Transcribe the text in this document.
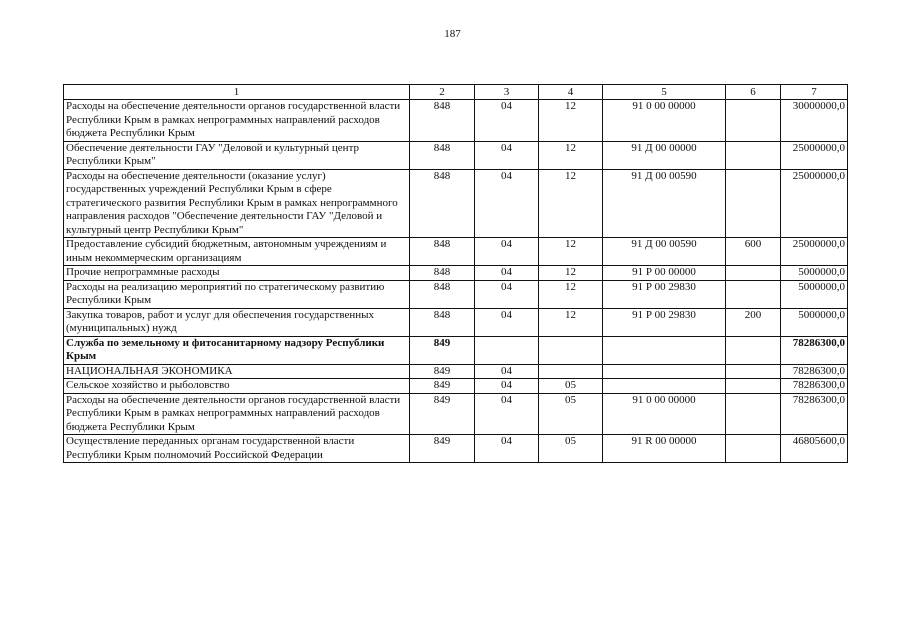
187
1	2	3	4	5	6	7
Расходы на обеспечение деятельности органов государственной власти Республики Крым в рамках непрограммных направлений расходов бюджета Республики Крым	848	04	12	91 0 00 00000		30000000,0
Обеспечение деятельности ГАУ "Деловой и культурный центр Республики Крым"	848	04	12	91 Д 00 00000		25000000,0
Расходы на обеспечение деятельности (оказание услуг) государственных учреждений Республики Крым в сфере стратегического развития Республики Крым в рамках непрограммного направления расходов "Обеспечение деятельности ГАУ "Деловой и культурный центр Республики Крым"	848	04	12	91 Д 00 00590		25000000,0
Предоставление субсидий бюджетным, автономным учреждениям и иным некоммерческим организациям	848	04	12	91 Д 00 00590	600	25000000,0
Прочие непрограммные расходы	848	04	12	91 Р 00 00000		5000000,0
Расходы на реализацию мероприятий по стратегическому развитию Республики Крым	848	04	12	91 Р 00 29830		5000000,0
Закупка товаров, работ и услуг для обеспечения государственных (муниципальных) нужд	848	04	12	91 Р 00 29830	200	5000000,0
Служба по земельному и фитосанитарному надзору Республики Крым	849					78286300,0
НАЦИОНАЛЬНАЯ ЭКОНОМИКА	849	04				78286300,0
Сельское хозяйство и рыболовство	849	04	05			78286300,0
Расходы на обеспечение деятельности органов государственной власти Республики Крым в рамках непрограммных направлений расходов бюджета Республики Крым	849	04	05	91 0 00 00000		78286300,0
Осуществление переданных органам государственной власти Республики Крым полномочий Российской Федерации	849	04	05	91 R 00 00000		46805600,0
